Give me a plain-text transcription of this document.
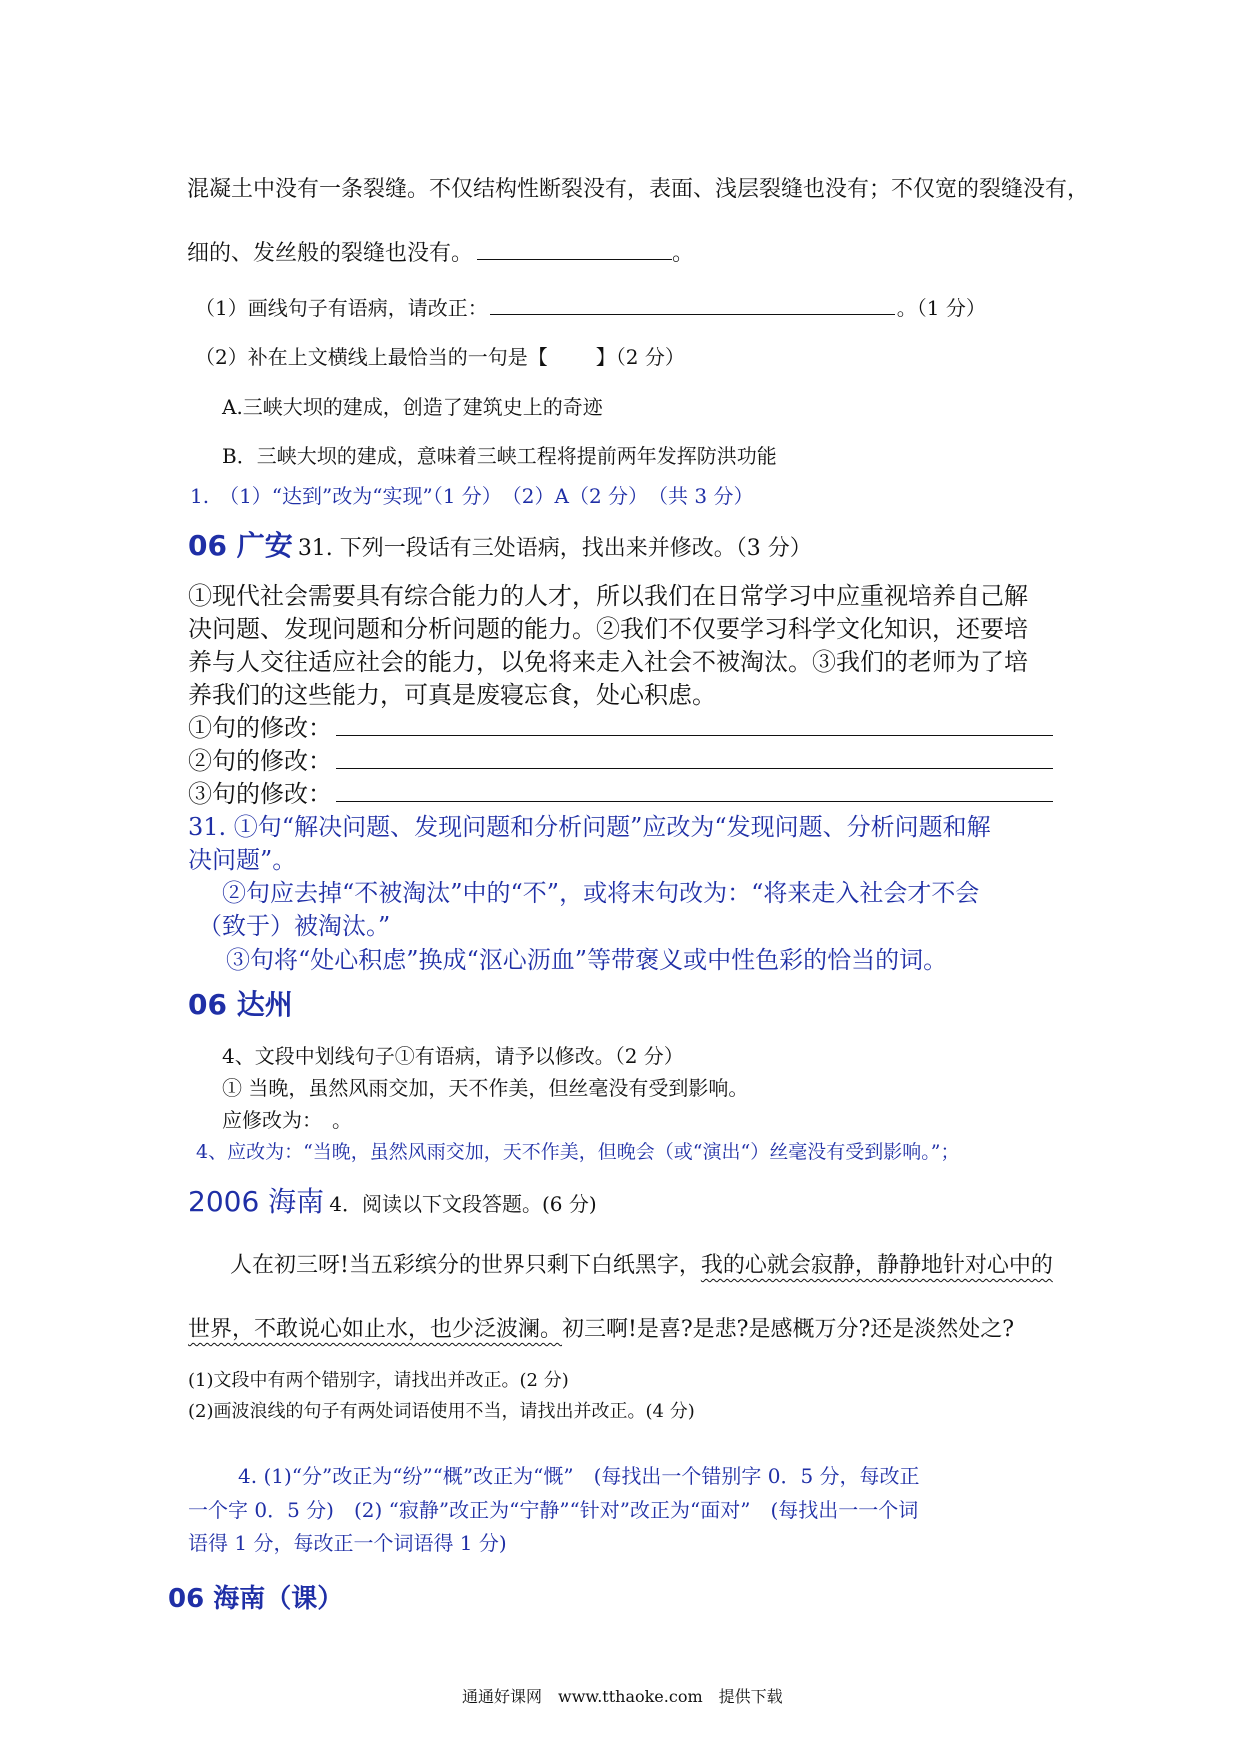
混凝土中没有一条裂缝。不仅结构性断裂没有，表面、浅层裂缝也没有；不仅宽的裂缝没有，
细的、发丝般的裂缝也没有。	。
（1）画线句子有语病，请改正：	。（1 分）
（2）补在上文横线上最恰当的一句是【 】（2 分）
A.三峡大坝的建成，创造了建筑史上的奇迹
B．三峡大坝的建成，意味着三峡工程将提前两年发挥防洪功能
1.　（1）“达到”改为“实现”（1 分）　（2）A（2 分）　（共 3 分）
06 广安 31. 下列一段话有三处语病，找出来并修改。（3 分）
①现代社会需要具有综合能力的人才，所以我们在日常学习中应重视培养自己解
决问题、发现问题和分析问题的能力。②我们不仅要学习科学文化知识，还要培
养与人交往适应社会的能力，以免将来走入社会不被淘汰。③我们的老师为了培
养我们的这些能力，可真是废寝忘食，处心积虑。
①句的修改：
②句的修改：
③句的修改：
31. ①句“解决问题、发现问题和分析问题”应改为“发现问题、分析问题和解
决问题”。
②句应去掉“不被淘汰”中的“不”，或将末句改为：“将来走入社会才不会
（致于）被淘汰。”
③句将“处心积虑”换成“沤心沥血”等带褒义或中性色彩的恰当的词。
06 达州
4、文段中划线句子①有语病，请予以修改。（2 分）
① 当晚，虽然风雨交加，天不作美，但丝毫没有受到影响。
应修改为：　。
4、应改为：“当晚，虽然风雨交加，天不作美，但晚会（或“演出“）丝毫没有受到影响。”；
2006 海南 4．阅读以下文段答题。(6 分)
人在初三呀!当五彩缤分的世界只剩下白纸黑字，我的心就会寂静，静静地针对心中的
世界，不敢说心如止水，也少泛波澜。初三啊!是喜?是悲?是感概万分?还是淡然处之?
(1)文段中有两个错别字，请找出并改正。(2 分)
(2)画波浪线的句子有两处词语使用不当，请找出并改正。(4 分)
4. (1)“分”改正为“纷”“概”改正为“慨”　(每找出一个错别字 0．5 分，每改正
一个字 0．5 分)　(2) “寂静”改正为“宁静”“针对”改正为“面对”　(每找出一一个词
语得 1 分，每改正一个词语得 1 分)
06 海南（课）
通通好课网　www.tthaoke.com　提供下载
